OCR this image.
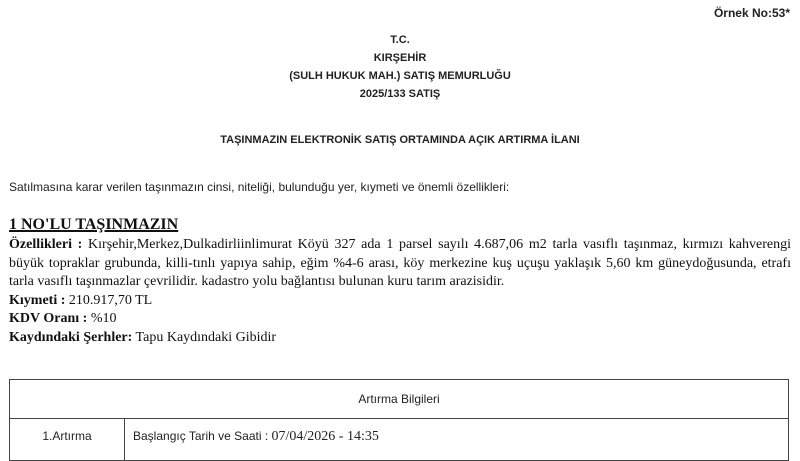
Örnek No:53*
T.C.
KIRŞEHİR
(SULH HUKUK MAH.) SATIŞ MEMURLUĞU
2025/133 SATIŞ
TAŞINMAZIN ELEKTRONİK SATIŞ ORTAMINDA AÇIK ARTIRMA İLANI
Satılmasına karar verilen taşınmazın cinsi, niteliği, bulunduğu yer, kıymeti ve önemli özellikleri:
1 NO'LU TAŞINMAZIN
Özellikleri : Kırşehir,Merkez,Dulkadirliinlimurat Köyü 327 ada 1 parsel sayılı 4.687,06 m2 tarla vasıflı taşınmaz, kırmızı kahverengi büyük topraklar grubunda, killi-tınlı yapıya sahip, eğim %4-6 arası, köy merkezine kuş uçuşu yaklaşık 5,60 km güneydoğusunda, etrafı tarla vasıflı taşınmazlar çevrilidir. kadastro yolu bağlantısı bulunan kuru tarım arazisidir.
Kıymeti : 210.917,70 TL
KDV Oranı : %10
Kaydındaki Şerhler: Tapu Kaydındaki Gibidir
Artırma Bilgileri
1.Artırma	Başlangıç Tarih ve Saati : 07/04/2026 - 14:35
